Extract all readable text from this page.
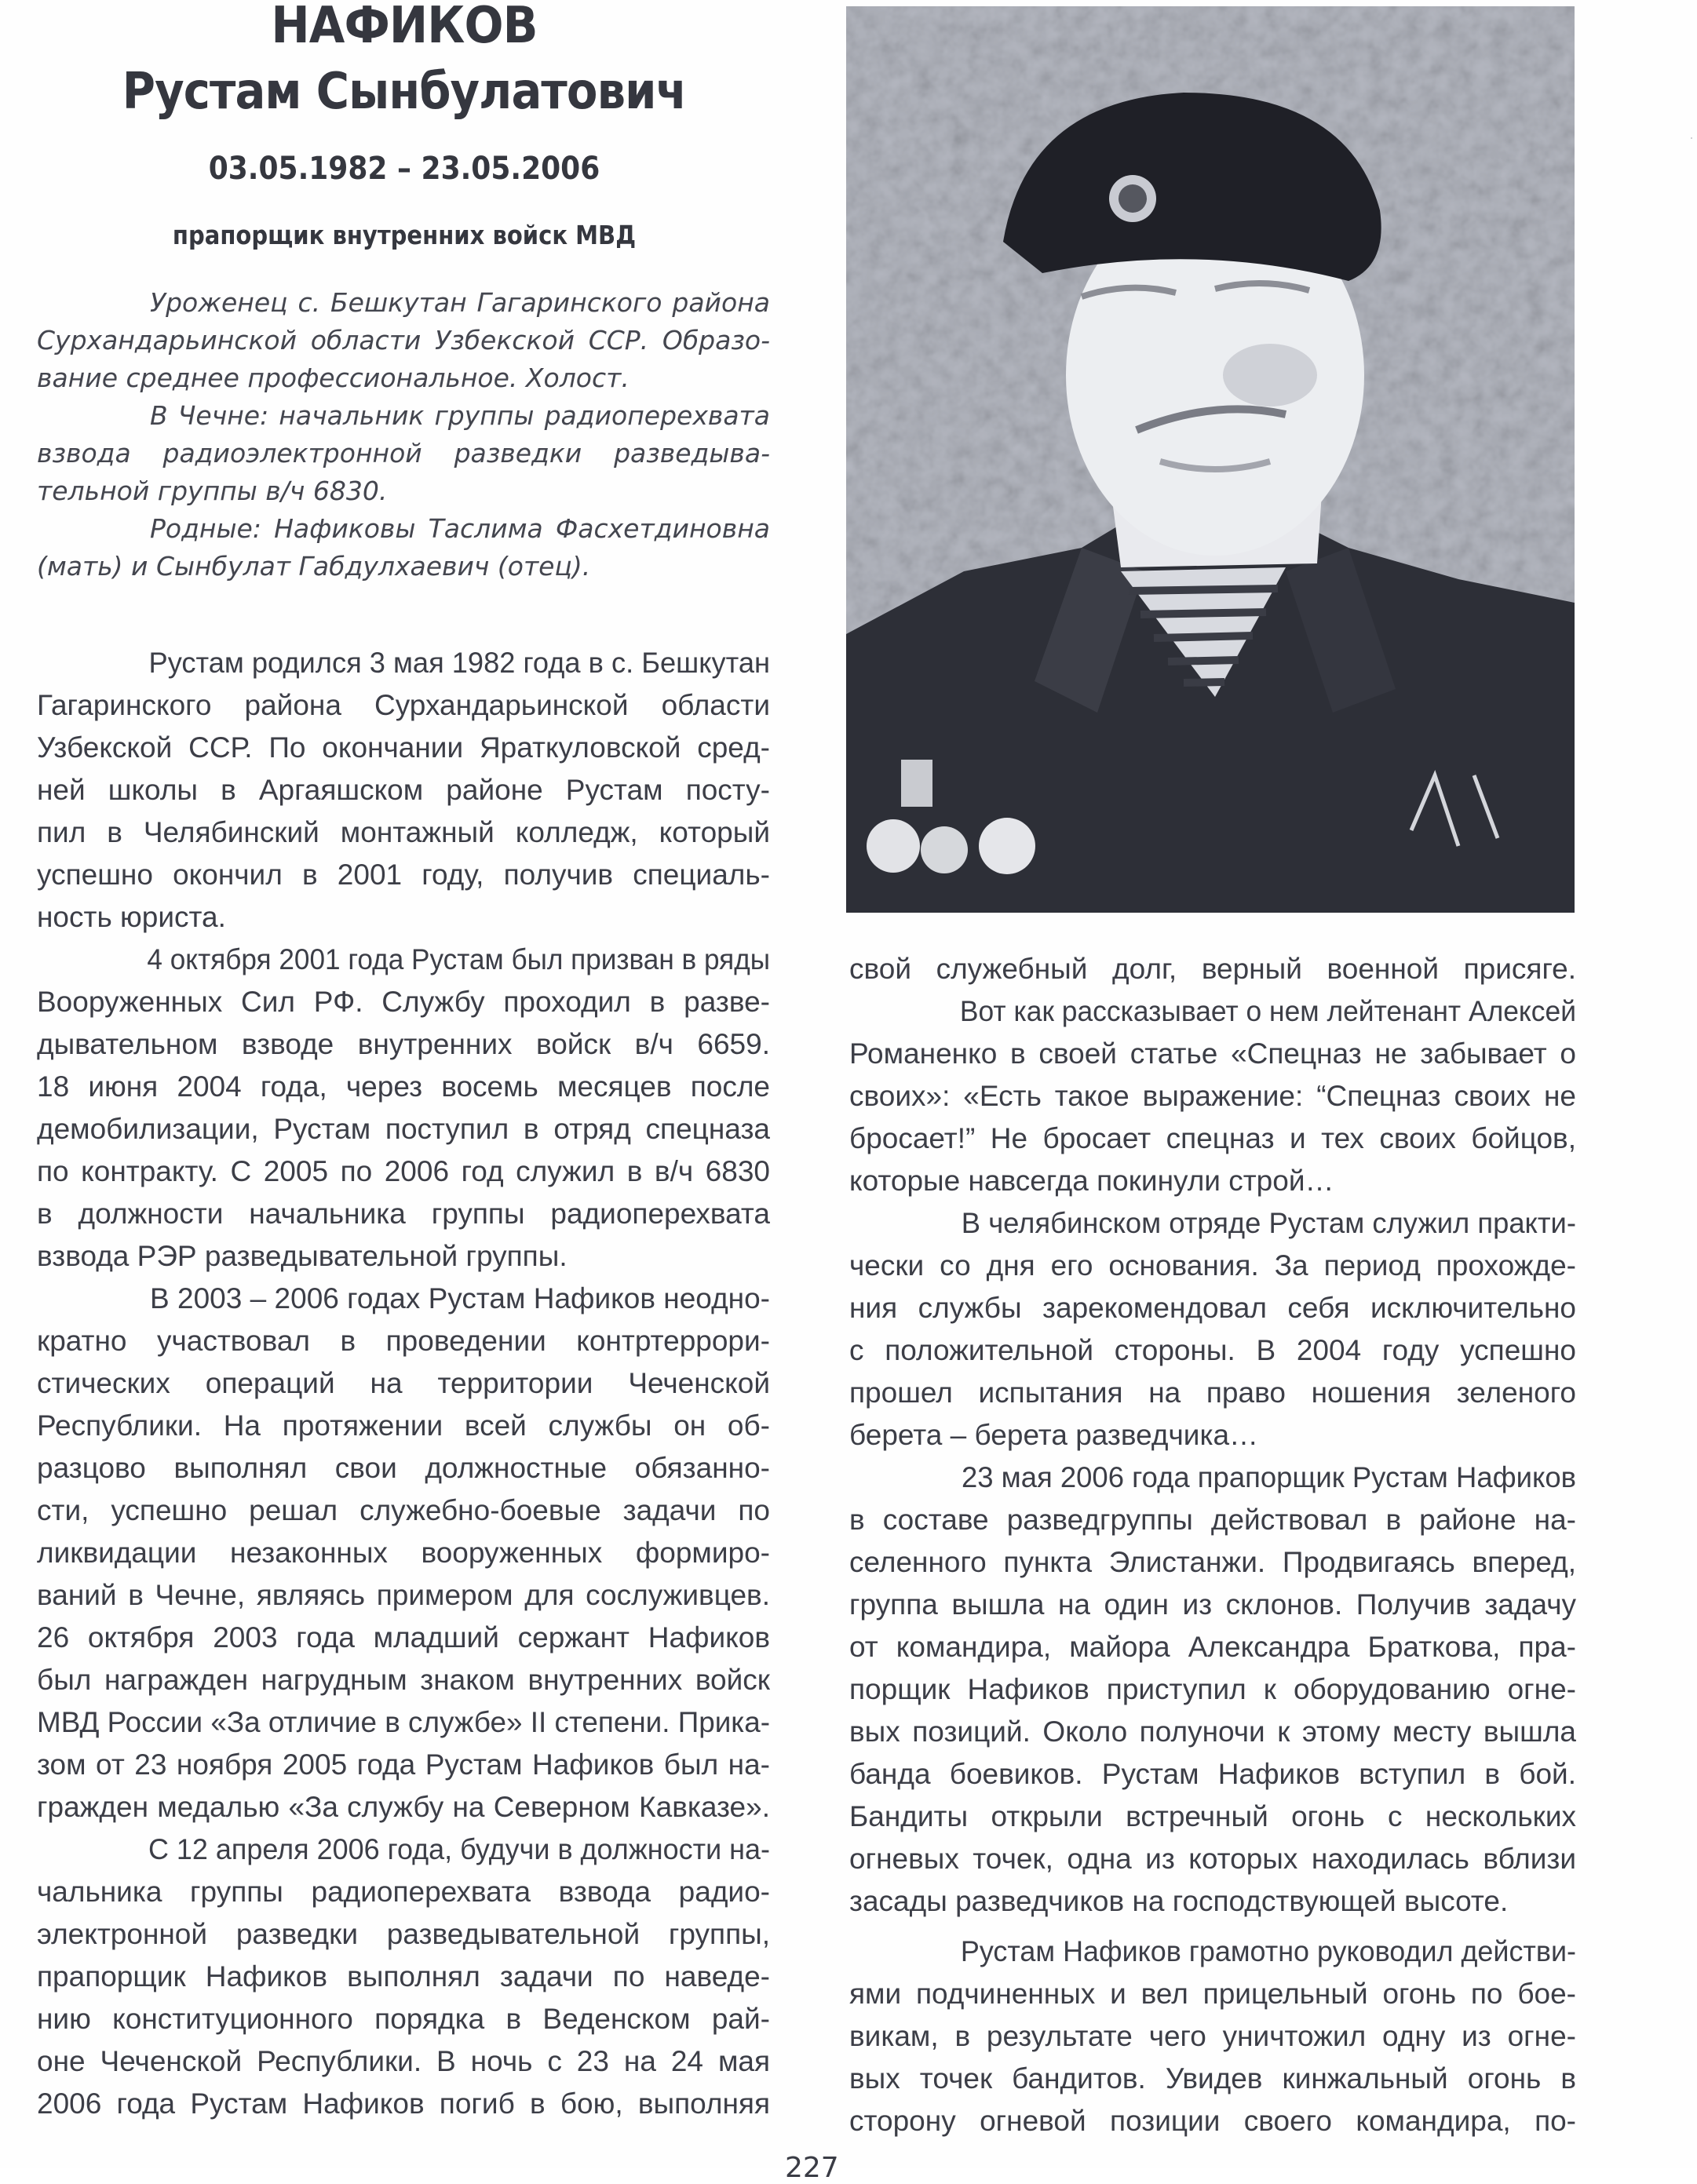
НАФИКОВ
Рустам Сынбулатович
03.05.1982 – 23.05.2006
прапорщик внутренних войск МВД
Уроженец с. Бешкутан Гагаринского района
Сурхандарьинской области Узбекской ССР. Образо-
вание среднее профессиональное. Холост.
В Чечне: начальник группы радиоперехвата
взвода радиоэлектронной разведки разведыва-
тельной группы в/ч 6830.
Родные: Нафиковы Таслима Фасхетдиновна
(мать) и Сынбулат Габдулхаевич (отец).
Рустам родился 3 мая 1982 года в с. Бешкутан
Гагаринского района Сурхандарьинской области
Узбекской ССР. По окончании Яраткуловской сред-
ней школы в Аргаяшском районе Рустам посту-
пил в Челябинский монтажный колледж, который
успешно окончил в 2001 году, получив специаль-
ность юриста.
4 октября 2001 года Рустам был призван в ряды
Вооруженных Сил РФ. Службу проходил в разве-
дывательном взводе внутренних войск в/ч 6659.
18 июня 2004 года, через восемь месяцев после
демобилизации, Рустам поступил в отряд спецназа
по контракту. С 2005 по 2006 год служил в в/ч 6830
в должности начальника группы радиоперехвата
взвода РЭР разведывательной группы.
В 2003 – 2006 годах Рустам Нафиков неодно-
кратно участвовал в проведении контртеррори-
стических операций на территории Чеченской
Республики. На протяжении всей службы он об-
разцово выполнял свои должностные обязанно-
сти, успешно решал служебно-боевые задачи по
ликвидации незаконных вооруженных формиро-
ваний в Чечне, являясь примером для сослуживцев.
26 октября 2003 года младший сержант Нафиков
был награжден нагрудным знаком внутренних войск
МВД России «За отличие в службе» II степени. Прика-
зом от 23 ноября 2005 года Рустам Нафиков был на-
гражден медалью «За службу на Северном Кавказе».
С 12 апреля 2006 года, будучи в должности на-
чальника группы радиоперехвата взвода радио-
электронной разведки разведывательной группы,
прапорщик Нафиков выполнял задачи по наведе-
нию конституционного порядка в Веденском рай-
оне Чеченской Республики. В ночь с 23 на 24 мая
2006 года Рустам Нафиков погиб в бою, выполняя
свой служебный долг, верный военной присяге.
Вот как рассказывает о нем лейтенант Алексей
Романенко в своей статье «Спецназ не забывает о
своих»: «Есть такое выражение: “Спецназ своих не
бросает!” Не бросает спецназ и тех своих бойцов,
которые навсегда покинули строй…
В челябинском отряде Рустам служил практи-
чески со дня его основания. За период прохожде-
ния службы зарекомендовал себя исключительно
с положительной стороны. В 2004 году успешно
прошел испытания на право ношения зеленого
берета – берета разведчика…
23 мая 2006 года прапорщик Рустам Нафиков
в составе разведгруппы действовал в районе на-
селенного пункта Элистанжи. Продвигаясь вперед,
группа вышла на один из склонов. Получив задачу
от командира, майора Александра Браткова, пра-
порщик Нафиков приступил к оборудованию огне-
вых позиций. Около полуночи к этому месту вышла
банда боевиков. Рустам Нафиков вступил в бой.
Бандиты открыли встречный огонь с нескольких
огневых точек, одна из которых находилась вблизи
засады разведчиков на господствующей высоте.
Рустам Нафиков грамотно руководил действи-
ями подчиненных и вел прицельный огонь по бое-
викам, в результате чего уничтожил одну из огне-
вых точек бандитов. Увидев кинжальный огонь в
сторону огневой позиции своего командира, по-
227
